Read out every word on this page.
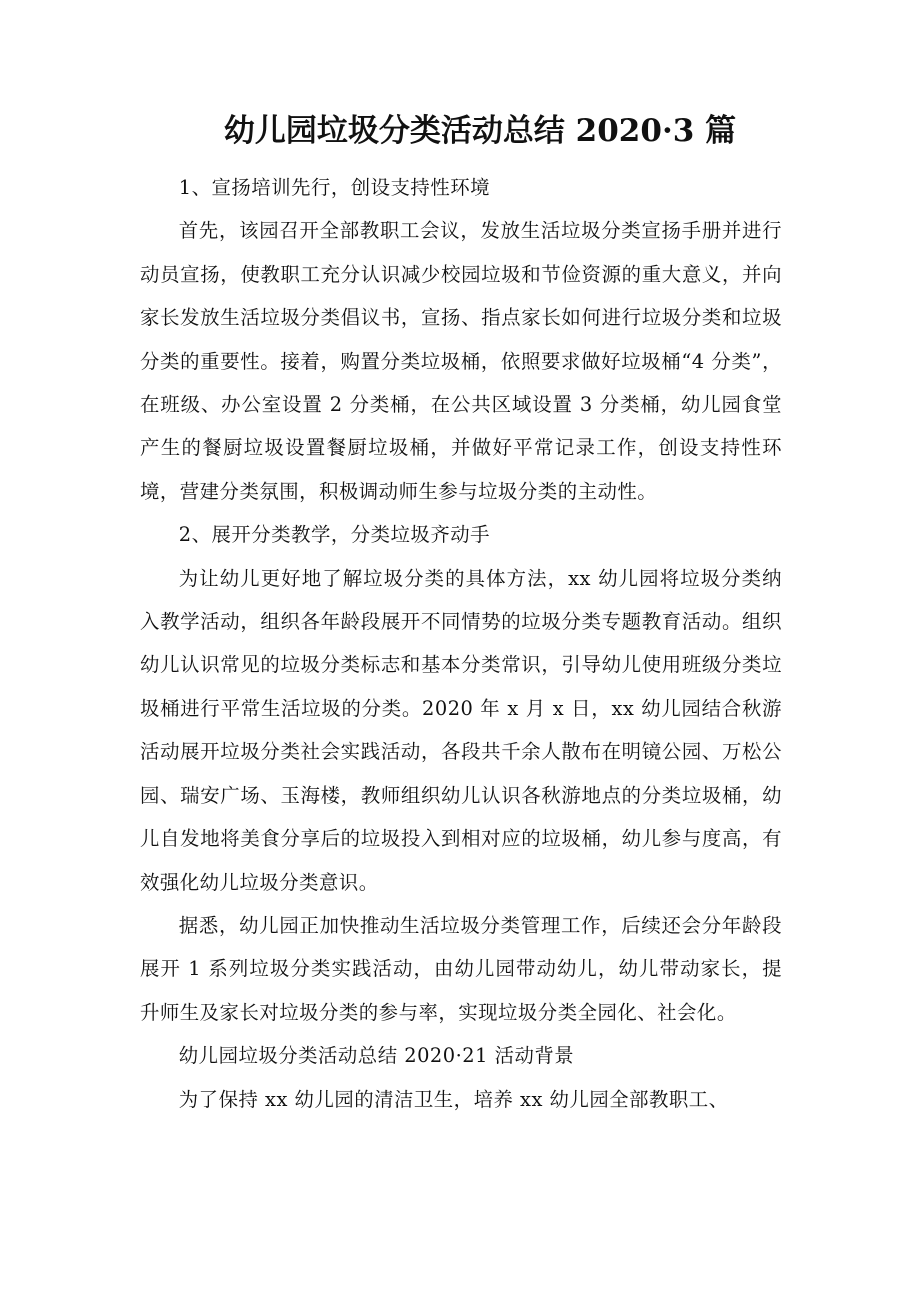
幼儿园垃圾分类活动总结 2020·3 篇

1、宣扬培训先行，创设支持性环境

首先，该园召开全部教职工会议，发放生活垃圾分类宣扬手册并进行动员宣扬，使教职工充分认识减少校园垃圾和节俭资源的重大意义，并向家长发放生活垃圾分类倡议书，宣扬、指点家长如何进行垃圾分类和垃圾分类的重要性。接着，购置分类垃圾桶，依照要求做好垃圾桶“4 分类”，在班级、办公室设置 2 分类桶，在公共区域设置 3 分类桶，幼儿园食堂产生的餐厨垃圾设置餐厨垃圾桶，并做好平常记录工作，创设支持性环境，营建分类氛围，积极调动师生参与垃圾分类的主动性。

2、展开分类教学，分类垃圾齐动手

为让幼儿更好地了解垃圾分类的具体方法，xx 幼儿园将垃圾分类纳入教学活动，组织各年龄段展开不同情势的垃圾分类专题教育活动。组织幼儿认识常见的垃圾分类标志和基本分类常识，引导幼儿使用班级分类垃圾桶进行平常生活垃圾的分类。2020 年 x 月 x 日，xx 幼儿园结合秋游活动展开垃圾分类社会实践活动，各段共千余人散布在明镜公园、万松公园、瑞安广场、玉海楼，教师组织幼儿认识各秋游地点的分类垃圾桶，幼儿自发地将美食分享后的垃圾投入到相对应的垃圾桶，幼儿参与度高，有效强化幼儿垃圾分类意识。

据悉，幼儿园正加快推动生活垃圾分类管理工作，后续还会分年龄段展开 1 系列垃圾分类实践活动，由幼儿园带动幼儿，幼儿带动家长，提升师生及家长对垃圾分类的参与率，实现垃圾分类全园化、社会化。

幼儿园垃圾分类活动总结 2020·21 活动背景

为了保持 xx 幼儿园的清洁卫生，培养 xx 幼儿园全部教职工、
